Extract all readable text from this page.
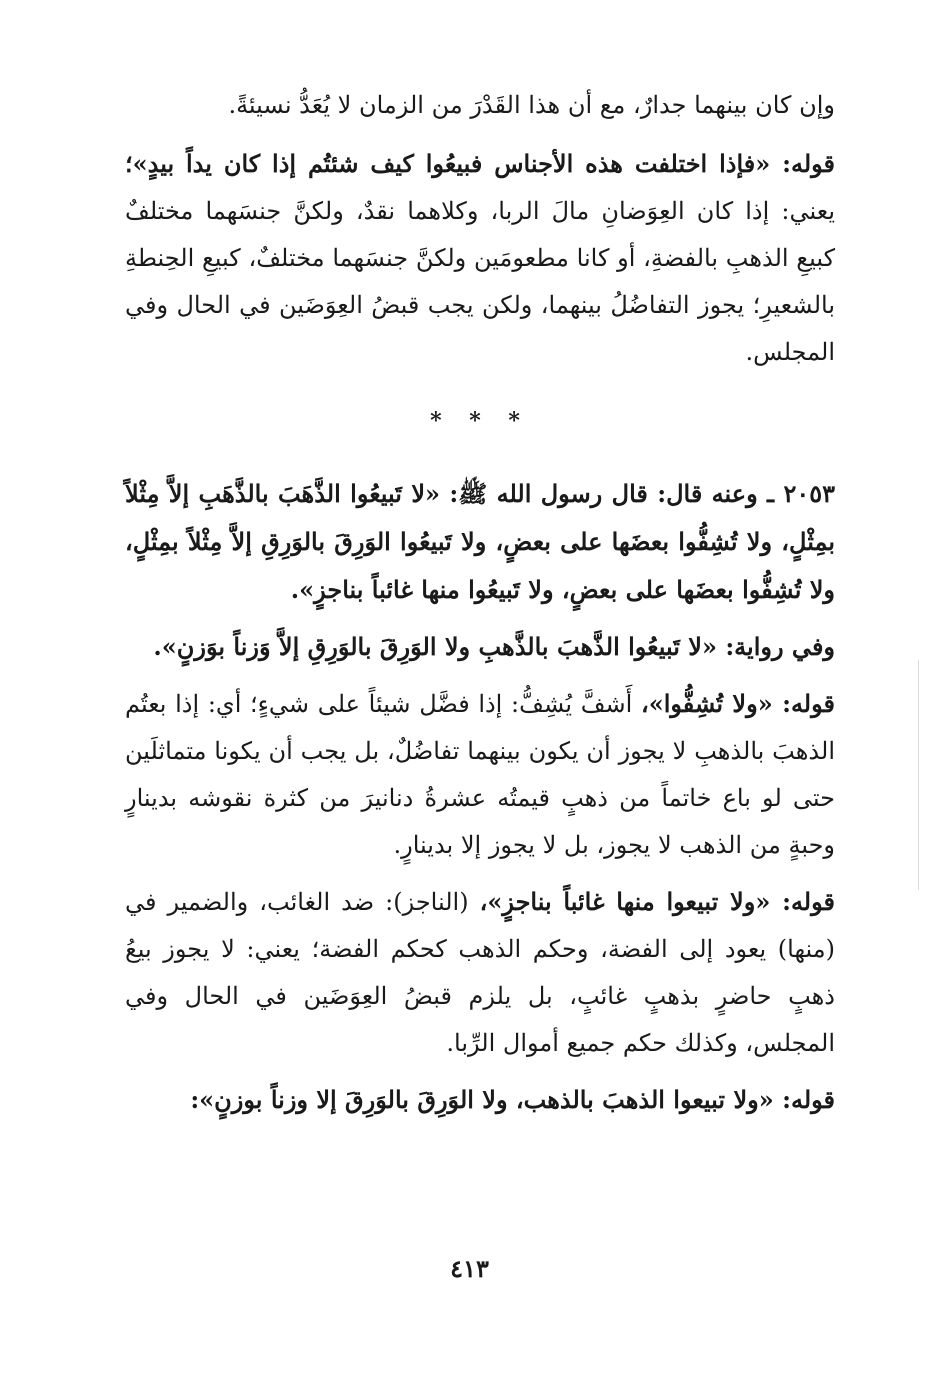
وإن كان بينهما جدارٌ، مع أن هذا القَدْرَ من الزمان لا يُعَدُّ نسيئةً.

قوله: «فإذا اختلفت هذه الأجناس فبيعُوا كيف شئتُم إذا كان يداً بيدٍ»؛ يعني: إذا كان العِوَضانِ مالَ الربا، وكلاهما نقدٌ، ولكنَّ جنسَهما مختلفٌ كبيعِ الذهبِ بالفضةِ، أو كانا مطعومَين ولكنَّ جنسَهما مختلفٌ، كبيعِ الحِنطةِ بالشعيرِ؛ يجوز التفاضُلُ بينهما، ولكن يجب قبضُ العِوَضَين في الحال وفي المجلس.

* * *

٢٠٥٣ ـ وعنه قال: قال رسول الله ﷺ: «لا تَبيعُوا الذَّهَبَ بالذَّهَبِ إلاَّ مِثْلاً بمِثْلٍ، ولا تُشِفُّوا بعضَها على بعضٍ، ولا تَبيعُوا الوَرِقَ بالوَرِقِ إلاَّ مِثْلاً بمِثْلٍ، ولا تُشِفُّوا بعضَها على بعضٍ، ولا تَبيعُوا منها غائباً بناجزٍ».

وفي رواية: «لا تَبيعُوا الذَّهبَ بالذَّهبِ ولا الوَرِقَ بالوَرِقِ إلاَّ وَزناً بوَزنٍ».

قوله: «ولا تُشِفُّوا»، أَشفَّ يُشِفُّ: إذا فضَّل شيئاً على شيءٍ؛ أي: إذا بعتُم الذهبَ بالذهبِ لا يجوز أن يكون بينهما تفاضُلٌ، بل يجب أن يكونا متماثلَين حتى لو باع خاتماً من ذهبٍ قيمتُه عشرةُ دنانيرَ من كثرة نقوشه بدينارٍ وحبةٍ من الذهب لا يجوز، بل لا يجوز إلا بدينارٍ.

قوله: «ولا تبيعوا منها غائباً بناجزٍ»، (الناجز): ضد الغائب، والضمير في (منها) يعود إلى الفضة، وحكم الذهب كحكم الفضة؛ يعني: لا يجوز بيعُ ذهبٍ حاضرٍ بذهبٍ غائبٍ، بل يلزم قبضُ العِوَضَين في الحال وفي المجلس، وكذلك حكم جميع أموال الرِّبا.

قوله: «ولا تبيعوا الذهبَ بالذهب، ولا الوَرِقَ بالوَرِقَ إلا وزناً بوزنٍ»:

٤١٣
